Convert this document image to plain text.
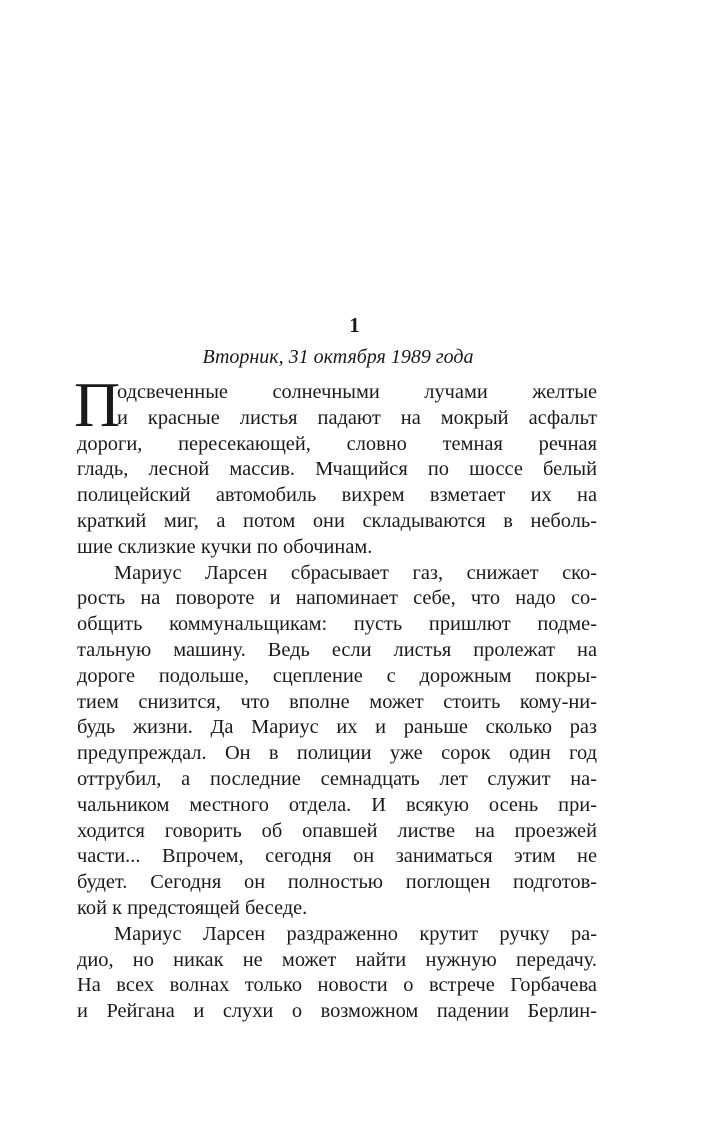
1
Вторник, 31 октября 1989 года
П
одсвеченные солнечными лучами желтые
и красные листья падают на мокрый асфальт
дороги, пересекающей, словно темная речная
гладь, лесной массив. Мчащийся по шоссе белый
полицейский автомобиль вихрем взметает их на
краткий миг, а потом они складываются в неболь-
шие склизкие кучки по обочинам.
Мариус Ларсен сбрасывает газ, снижает ско-
рость на повороте и напоминает себе, что надо со-
общить коммунальщикам: пусть пришлют подме-
тальную машину. Ведь если листья пролежат на
дороге подольше, сцепление с дорожным покры-
тием снизится, что вполне может стоить кому-ни-
будь жизни. Да Мариус их и раньше сколько раз
предупреждал. Он в полиции уже сорок один год
оттрубил, а последние семнадцать лет служит на-
чальником местного отдела. И всякую осень при-
ходится говорить об опавшей листве на проезжей
части... Впрочем, сегодня он заниматься этим не
будет. Сегодня он полностью поглощен подготов-
кой к предстоящей беседе.
Мариус Ларсен раздраженно крутит ручку ра-
дио, но никак не может найти нужную передачу.
На всех волнах только новости о встрече Горбачева
и Рейгана и слухи о возможном падении Берлин-
